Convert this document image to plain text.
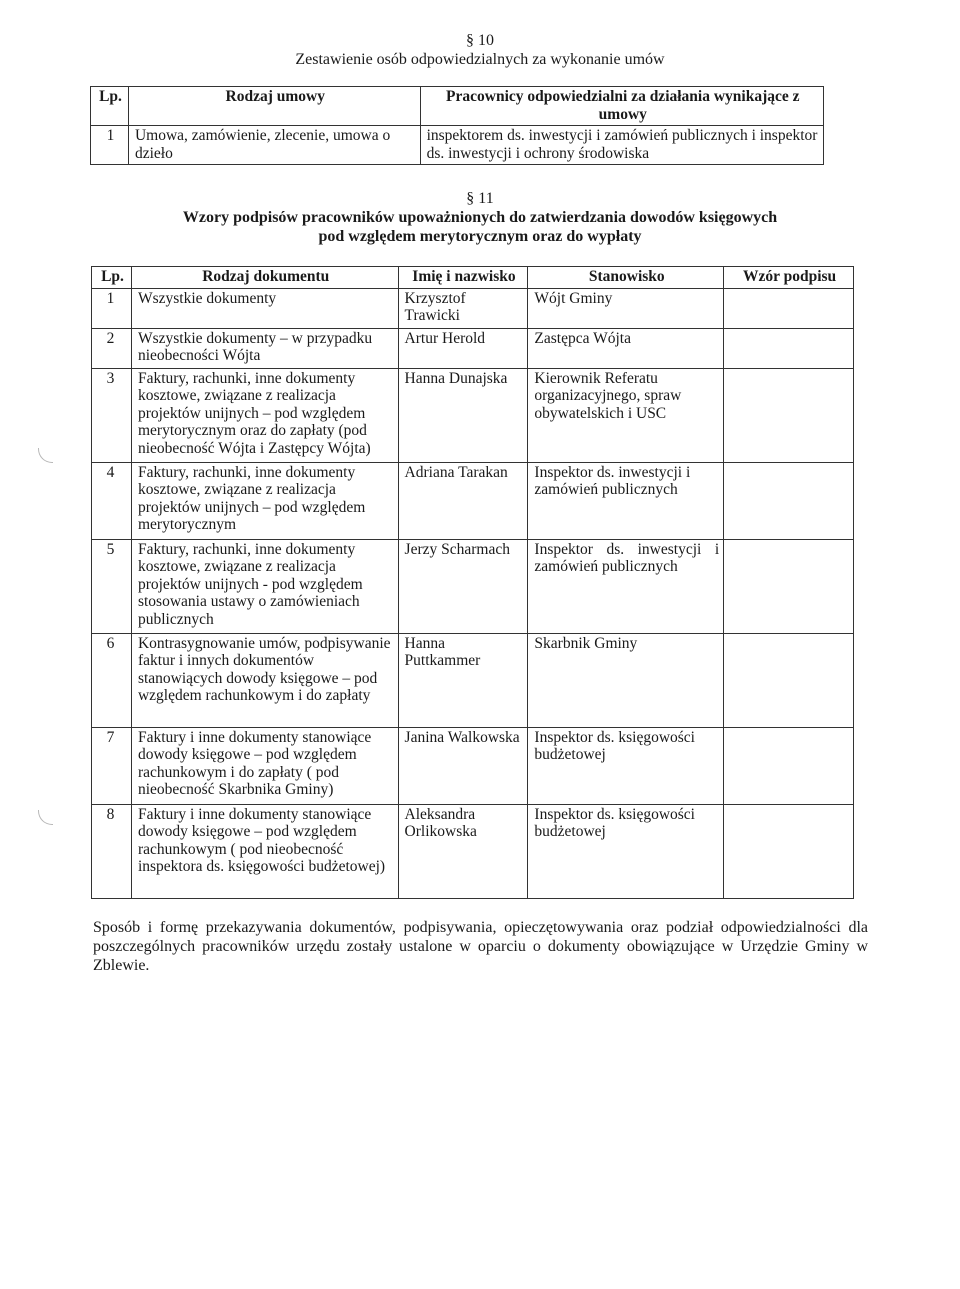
§ 10
Zestawienie osób odpowiedzialnych za wykonanie umów
Lp.	Rodzaj umowy	Pracownicy odpowiedzialni za działania wynikające z umowy
1	Umowa, zamówienie, zlecenie, umowa o dzieło	inspektorem ds. inwestycji i zamówień publicznych i inspektor ds. inwestycji i ochrony środowiska
§ 11
Wzory podpisów pracowników upoważnionych do zatwierdzania dowodów księgowych
pod względem merytorycznym oraz do wypłaty
Lp.	Rodzaj dokumentu	Imię i nazwisko	Stanowisko	Wzór podpisu
1	Wszystkie dokumenty	Krzysztof Trawicki	Wójt Gminy	
2	Wszystkie dokumenty – w przypadku nieobecności Wójta	Artur Herold	Zastępca Wójta	
3	Faktury, rachunki, inne dokumenty kosztowe, związane z realizacja projektów unijnych – pod względem merytorycznym oraz do zapłaty (pod nieobecność Wójta i Zastępcy Wójta)	Hanna Dunajska	Kierownik Referatu organizacyjnego, spraw obywatelskich i USC	
4	Faktury, rachunki, inne dokumenty kosztowe, związane z realizacja projektów unijnych – pod względem merytorycznym	Adriana Tarakan	Inspektor ds. inwestycji i zamówień publicznych	
5	Faktury, rachunki, inne dokumenty kosztowe, związane z realizacja projektów unijnych - pod względem stosowania ustawy o zamówieniach publicznych	Jerzy Scharmach	Inspektor ds. inwestycji i zamówień publicznych	
6	Kontrasygnowanie umów, podpisywanie faktur i innych dokumentów stanowiących dowody księgowe – pod względem rachunkowym i do zapłaty	Hanna Puttkammer	Skarbnik Gminy	
7	Faktury i inne dokumenty stanowiące dowody księgowe – pod względem rachunkowym i do zapłaty ( pod nieobecność Skarbnika Gminy)	Janina Walkowska	Inspektor ds. księgowości budżetowej	
8	Faktury i inne dokumenty stanowiące dowody księgowe – pod względem rachunkowym ( pod nieobecność inspektora ds. księgowości budżetowej)	Aleksandra Orlikowska	Inspektor ds. księgowości budżetowej	
Sposób i formę przekazywania dokumentów, podpisywania, opieczętowywania oraz podział odpowiedzialności dla poszczególnych pracowników urzędu zostały ustalone w oparciu o dokumenty obowiązujące w Urzędzie Gminy w Zblewie.
